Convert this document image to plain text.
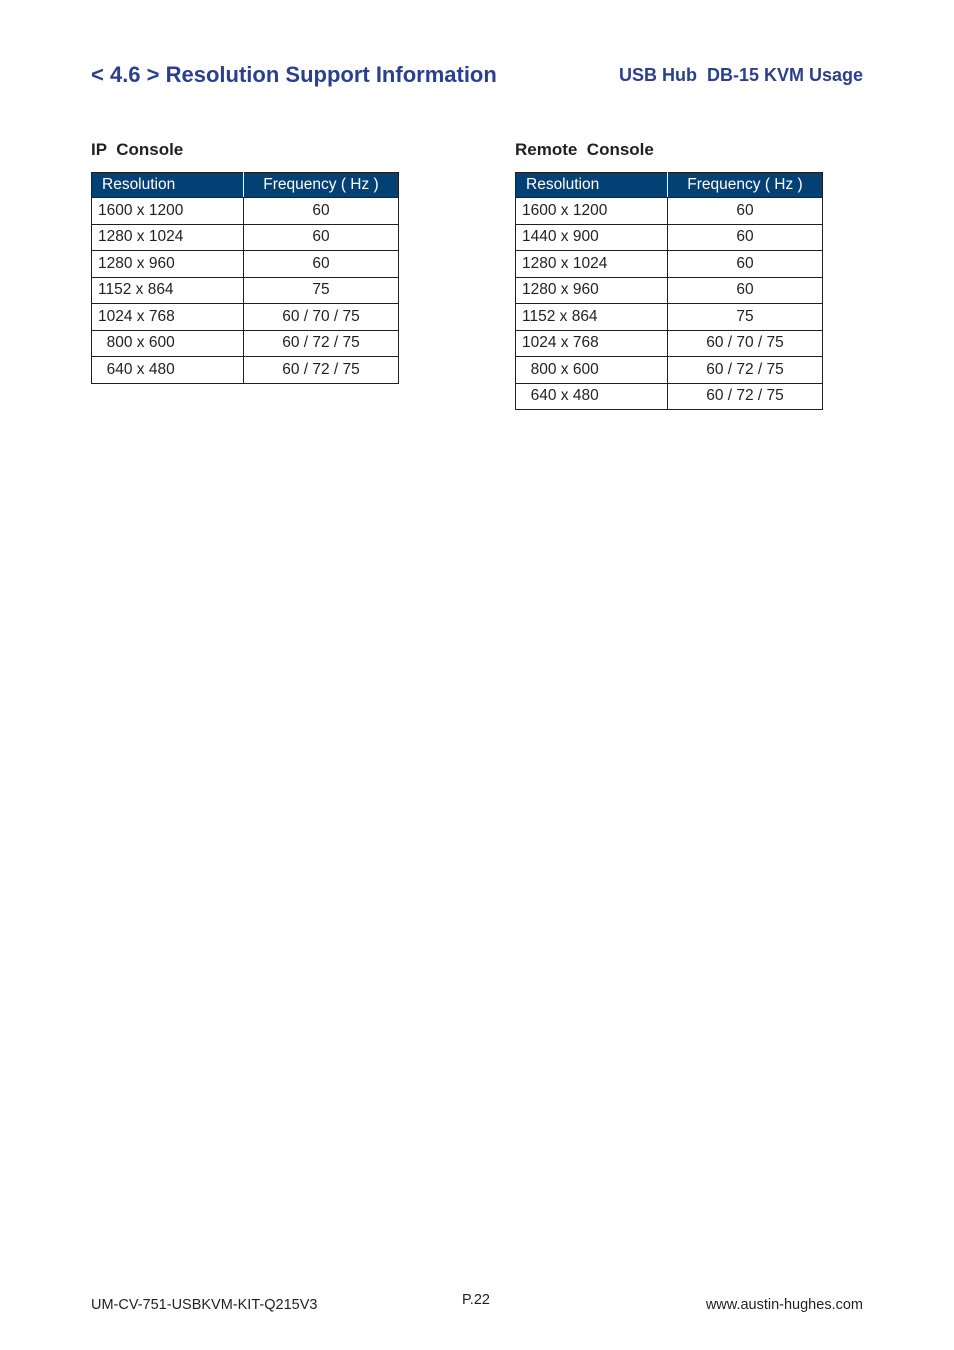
< 4.6 > Resolution Support Information	USB Hub  DB-15 KVM Usage
IP  Console
Resolution	Frequency ( Hz )
1600 x 1200	60
1280 x 1024	60
1280 x 960	60
1152 x 864	75
1024 x 768	60 / 70 / 75
800 x 600	60 / 72 / 75
640 x 480	60 / 72 / 75
Remote  Console
Resolution	Frequency ( Hz )
1600 x 1200	60
1440 x 900	60
1280 x 1024	60
1280 x 960	60
1152 x 864	75
1024 x 768	60 / 70 / 75
800 x 600	60 / 72 / 75
640 x 480	60 / 72 / 75
UM-CV-751-USBKVM-KIT-Q215V3	P.22	www.austin-hughes.com
